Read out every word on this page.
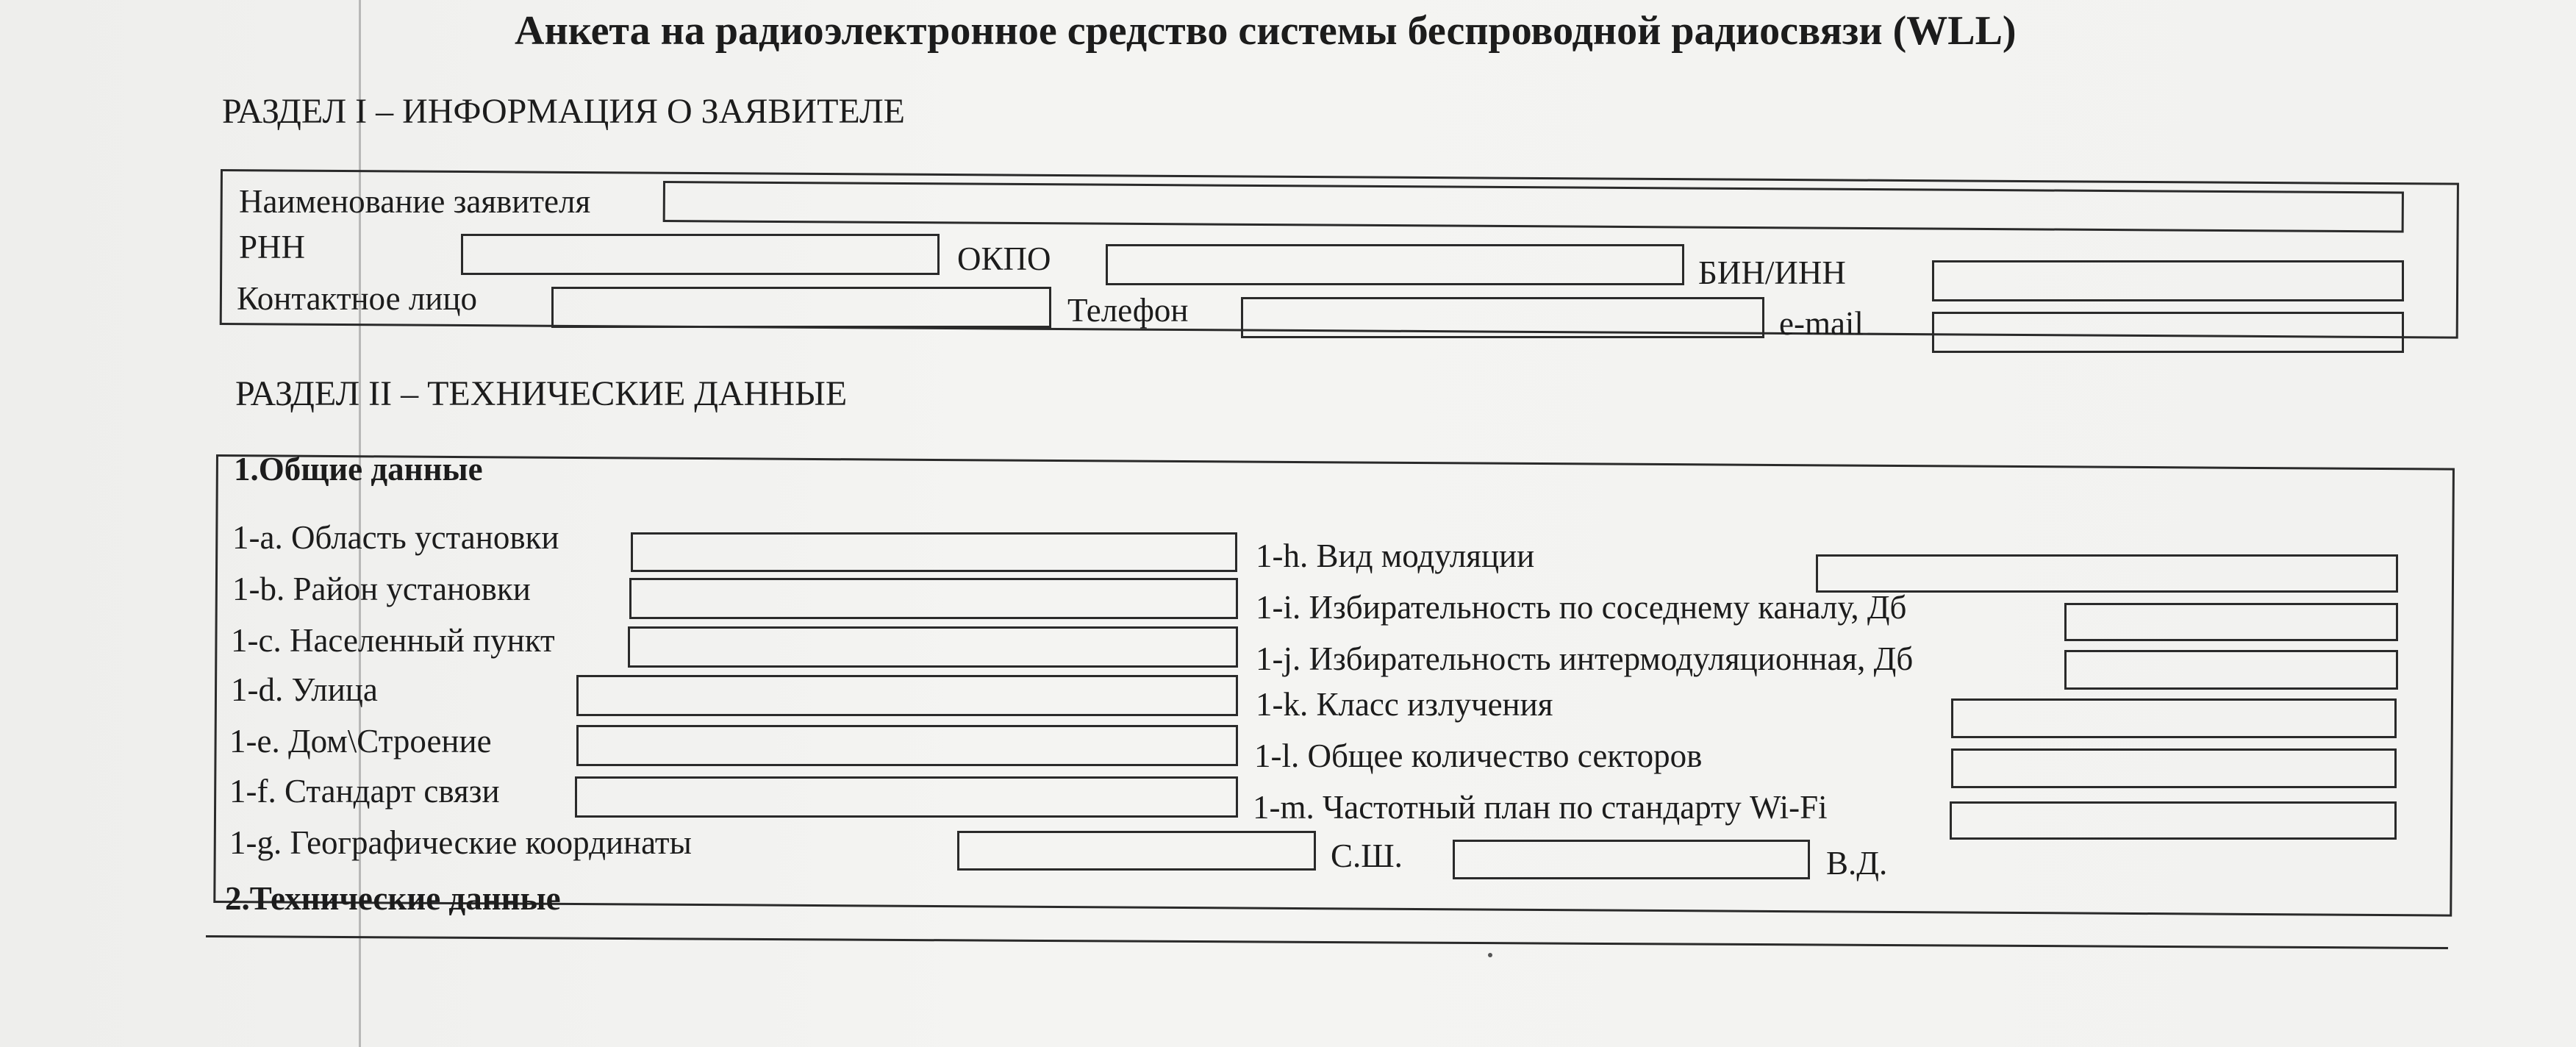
Анкета на радиоэлектронное средство системы беспроводной радиосвязи (WLL)
РАЗДЕЛ I – ИНФОРМАЦИЯ О ЗАЯВИТЕЛЕ
Наименование заявителя
РНН	ОКПО	БИН/ИНН
Контактное лицо	Телефон	e-mail
РАЗДЕЛ II – ТЕХНИЧЕСКИЕ ДАННЫЕ
1.Общие данные
1-a. Область установки
1-b. Район установки
1-c. Населенный пункт
1-d. Улица
1-e. Дом\Строение
1-f. Стандарт связи
1-g. Географические координаты	С.Ш.	В.Д.
1-h. Вид модуляции
1-i. Избирательность по соседнему каналу, Дб
1-j. Избирательность интермодуляционная, Дб
1-k. Класс излучения
1-l. Общее количество секторов
1-m. Частотный план по стандарту Wi-Fi
2.Технические данные
